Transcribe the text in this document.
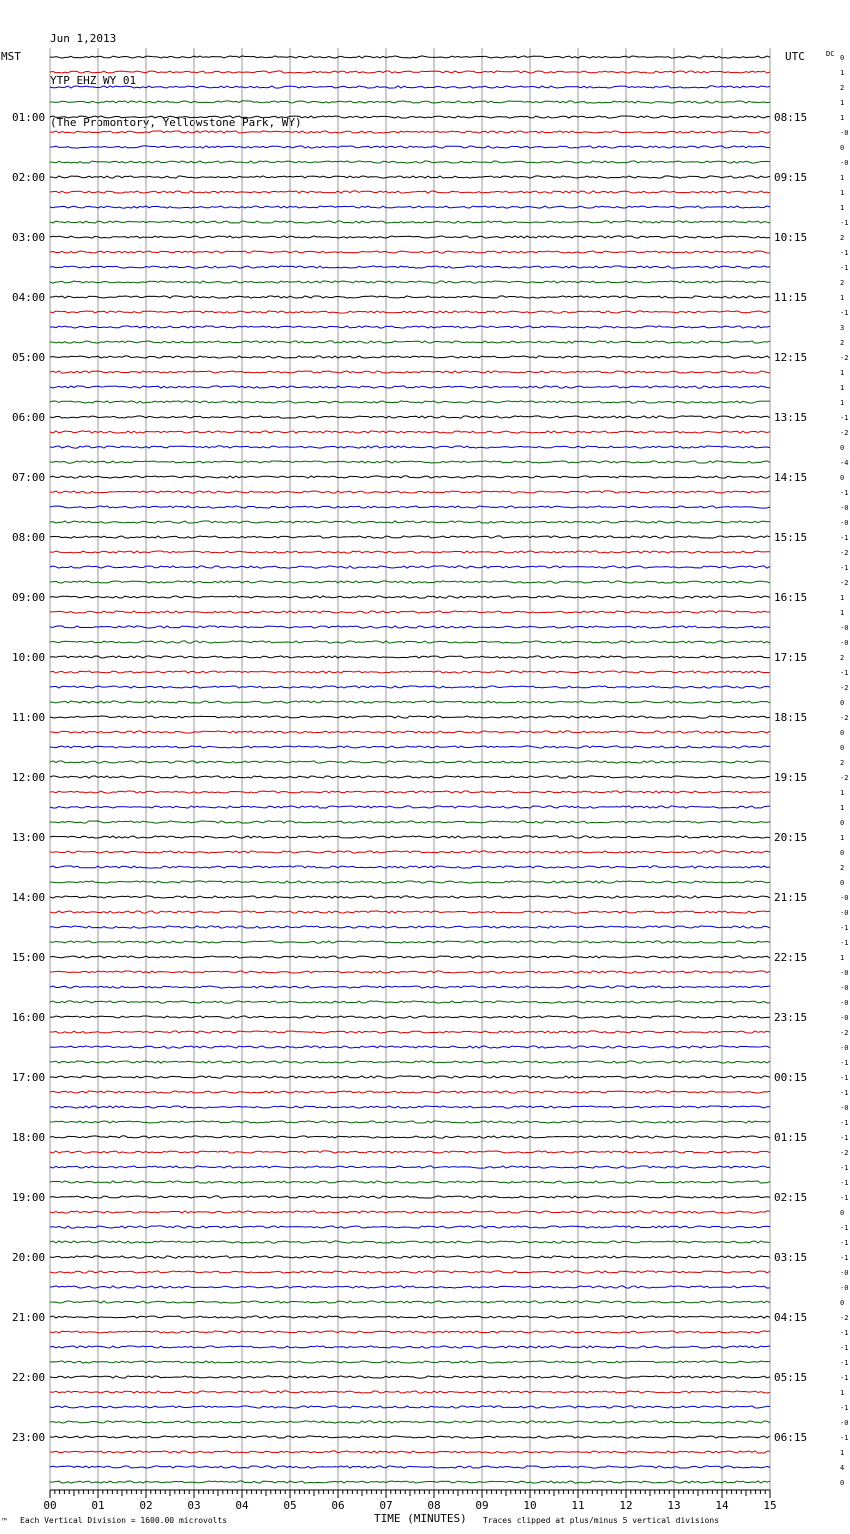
Jun 1,2013

YTP EHZ WY 01

(The Promontory, Yellowstone Park, WY)

MST	UTC
01:00
02:00
03:00
04:00
05:00
06:00
07:00
08:00
09:00
10:00
11:00
12:00
13:00
14:00
15:00
16:00
17:00
18:00
19:00
20:00
21:00
22:00
23:00
08:15
09:15
10:15
11:15
12:15
13:15
14:15
15:15
16:15
17:15
18:15
19:15
20:15
21:15
22:15
23:15
00:15
01:15
02:15
03:15
04:15
05:15
06:15
DC 0
1
2
1
1
-0
0
-0
1
1
1
-1
2
-1
-1
2
1
-1
3
2
-2
1
1
1
-1
-2
0
-4
0
-1
-0
-0
-1
-2
-1
-2
1
1
-0
-0
2
-1
-2
0
-2
0
0
2
-2
1
1
0
1
0
2
0
-0
-0
-1
-1
1
-0
-0
-0
-0
-2
-0
-1
-1
-1
-0
-1
-1
-2
-1
-1
-1
0
-1
-1
-1
-0
-0
0
-2
-1
-1
-1
-1
1
-1
-0
-1
1
4
0
00	01	02	03	04	05	06	07	08	09	10	11	12	13	14	15
™ Each Vertical Division = 1600.00 microvolts	TIME (MINUTES) Traces clipped at plus/minus 5 vertical divisions
